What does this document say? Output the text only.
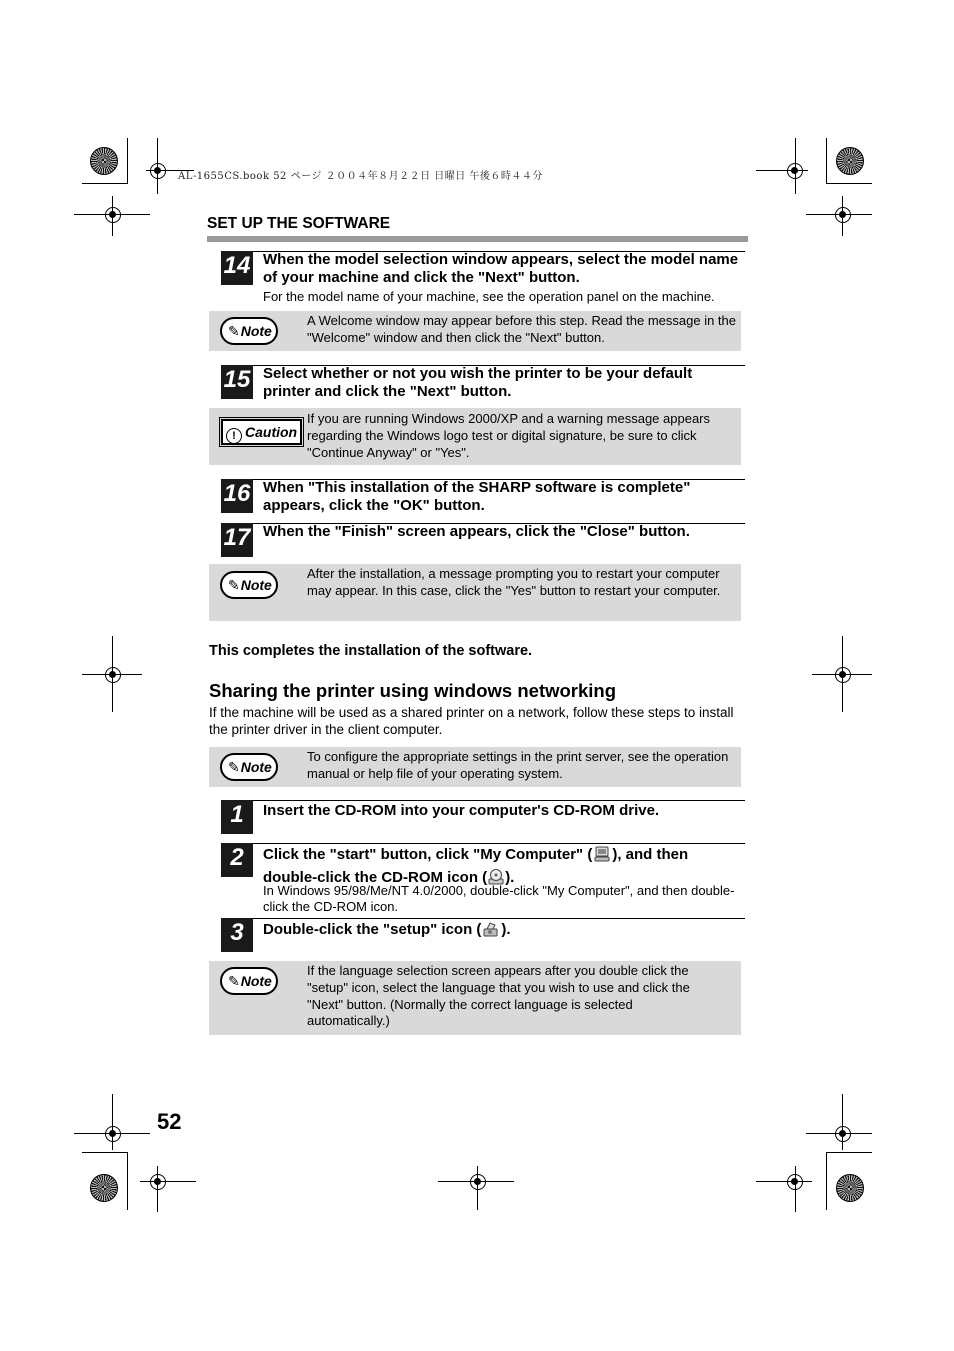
AL-1655CS.book 52 ページ ２００４年８月２２日 日曜日 午後６時４４分
SET UP THE SOFTWARE
14 When the model selection window appears, select the model name of your machine and click the "Next" button.
For the model name of your machine, see the operation panel on the machine.
✎Note
A Welcome window may appear before this step. Read the message in the "Welcome" window and then click the "Next" button.
15 Select whether or not you wish the printer to be your default printer and click the "Next" button.
! Caution
If you are running Windows 2000/XP and a warning message appears regarding the Windows logo test or digital signature, be sure to click "Continue Anyway" or "Yes".
16 When "This installation of the SHARP software is complete" appears, click the "OK" button.
17 When the "Finish" screen appears, click the "Close" button.
✎Note
After the installation, a message prompting you to restart your computer may appear. In this case, click the "Yes" button to restart your computer.
This completes the installation of the software.
Sharing the printer using windows networking
If the machine will be used as a shared printer on a network, follow these steps to install the printer driver in the client computer.
✎Note
To configure the appropriate settings in the print server, see the operation manual or help file of your operating system.
1	Insert the CD-ROM into your computer's CD-ROM drive.
2	Click the "start" button, click "My Computer" ( ), and then double-click the CD-ROM icon ( ).
In Windows 95/98/Me/NT 4.0/2000, double-click "My Computer", and then double-click the CD-ROM icon.
3	Double-click the "setup" icon ( ).
✎Note
If the language selection screen appears after you double click the "setup" icon, select the language that you wish to use and click the "Next" button. (Normally the correct language is selected automatically.)
52
